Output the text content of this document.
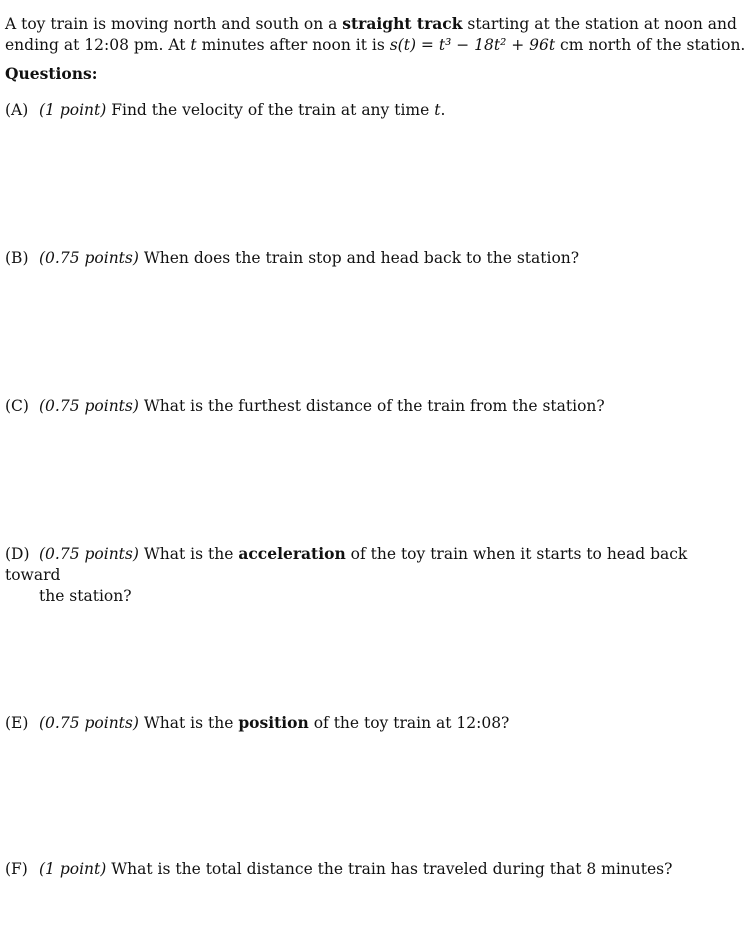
A toy train is moving north and south on a straight track starting at the station at noon and
ending at 12:08 pm. At t minutes after noon it is s(t) = t³ − 18t² + 96t cm north of the station.
Questions:
(A) (1 point) Find the velocity of the train at any time t.
(B) (0.75 points) When does the train stop and head back to the station?
(C) (0.75 points) What is the furthest distance of the train from the station?
(D) (0.75 points) What is the acceleration of the toy train when it starts to head back toward
the station?
(E) (0.75 points) What is the position of the toy train at 12:08?
(F) (1 point) What is the total distance the train has traveled during that 8 minutes?
